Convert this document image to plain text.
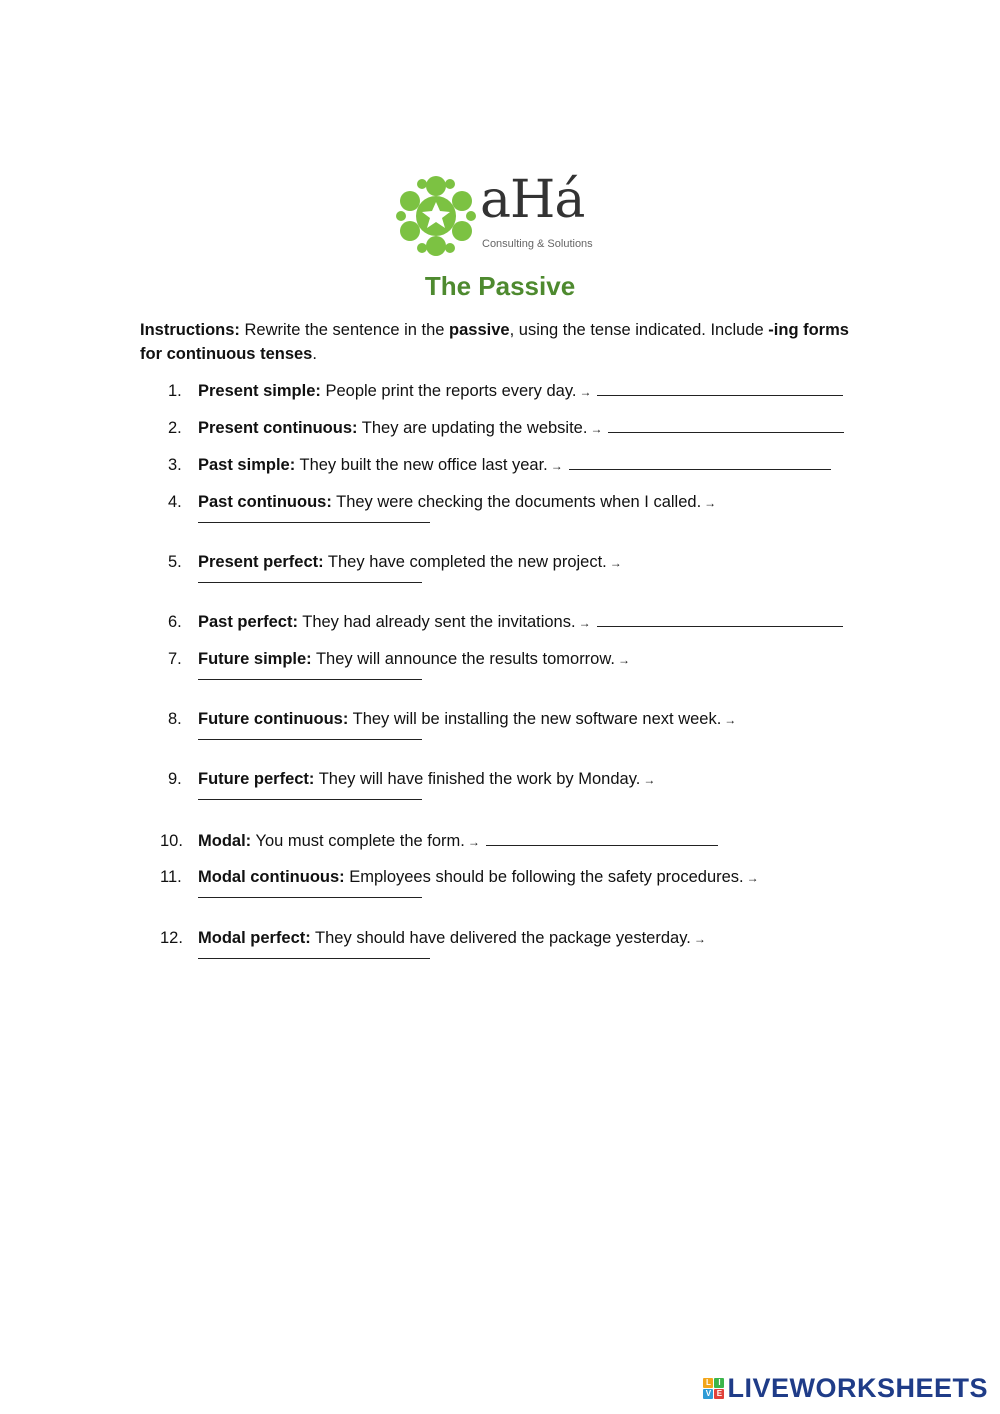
aHá
Consulting & Solutions
The Passive
Instructions: Rewrite the sentence in the passive, using the tense indicated. Include -ing forms for continuous tenses.
1. Present simple: People print the reports every day. →
2. Present continuous: They are updating the website. →
3. Past simple: They built the new office last year. →
4. Past continuous: They were checking the documents when I called. →
5. Present perfect: They have completed the new project. →
6. Past perfect: They had already sent the invitations. →
7. Future simple: They will announce the results tomorrow. →
8. Future continuous: They will be installing the new software next week. →
9. Future perfect: They will have finished the work by Monday. →
10. Modal: You must complete the form. →
11. Modal continuous: Employees should be following the safety procedures. →
12. Modal perfect: They should have delivered the package yesterday. →
L I
V E LIVEWORKSHEETS
